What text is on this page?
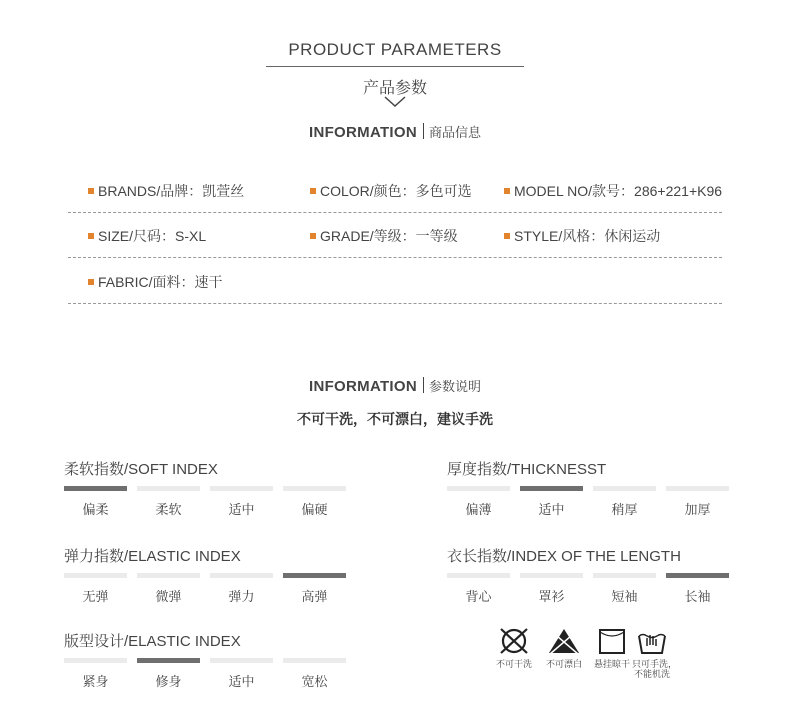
PRODUCT PARAMETERS
产品参数
INFORMATION 商品信息
BRANDS/品牌：凯萱丝	COLOR/颜色：多色可选	MODEL NO/款号：286+221+K96
SIZE/尺码：S-XL	GRADE/等级：一等级	STYLE/风格：休闲运动
FABRIC/面料：速干
INFORMATION 参数说明
不可干洗，不可漂白，建议手洗
柔软指数/SOFT INDEX
偏柔	柔软	适中	偏硬
厚度指数/THICKNESST
偏薄	适中	稍厚	加厚
弹力指数/ELASTIC INDEX
无弹	微弹	弹力	高弹
衣长指数/INDEX OF THE LENGTH
背心	罩衫	短袖	长袖
版型设计/ELASTIC INDEX
紧身	修身	适中	宽松
不可干洗 不可漂白 悬挂晾干 只可手洗，
不能机洗
